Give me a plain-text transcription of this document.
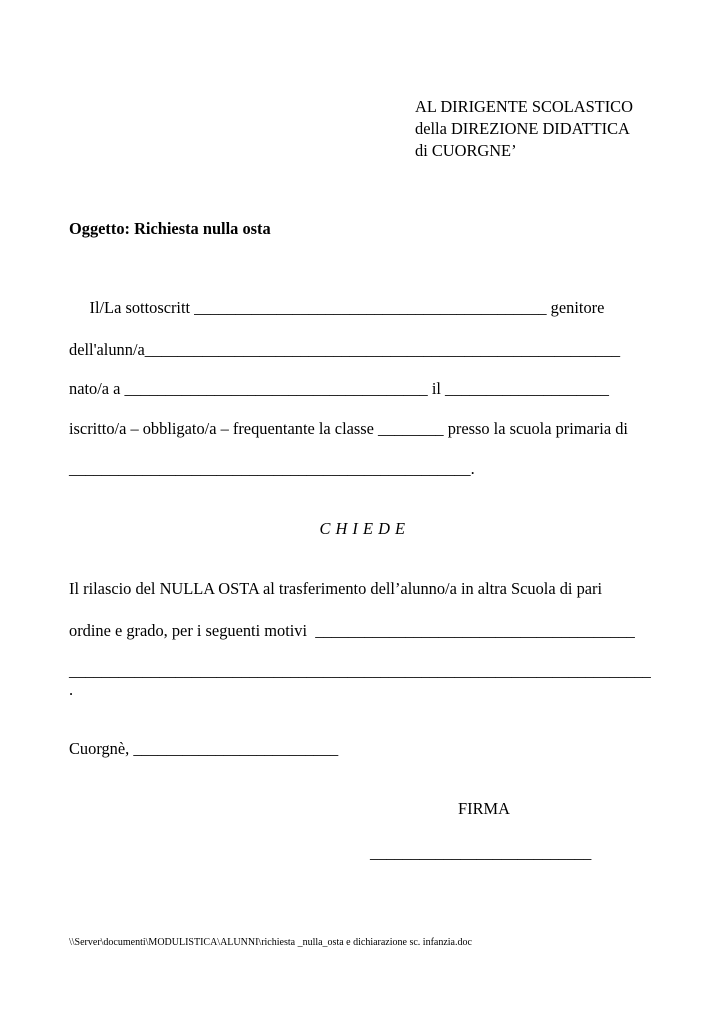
AL DIRIGENTE SCOLASTICO
della DIREZIONE DIDATTICA
di CUORGNE’
Oggetto: Richiesta nulla osta
Il/La sottoscritt ___________________________________________ genitore
dell'alunn/a__________________________________________________________
nato/a a _____________________________________ il ____________________
iscritto/a – obbligato/a – frequentante la classe ________ presso la scuola primaria di
_________________________________________________.
C H I E D E
Il rilascio del NULLA OSTA al trasferimento dell’alunno/a in altra Scuola di pari
ordine e grado, per i seguenti motivi  _______________________________________
_______________________________________________________________________
.
Cuorgnè, _________________________
FIRMA
___________________________
\\Server\documenti\MODULISTICA\ALUNNI\richiesta _nulla_osta e dichiarazione sc. infanzia.doc
